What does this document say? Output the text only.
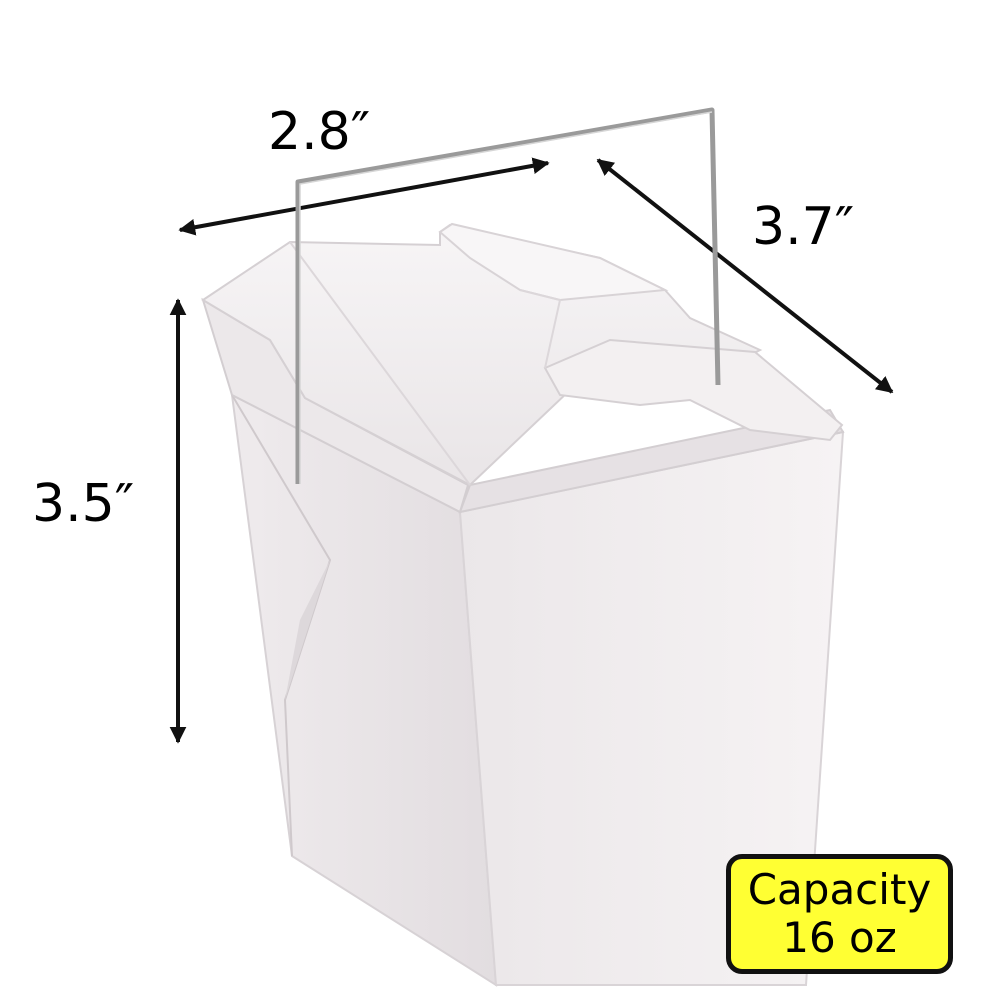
2.8″
3.7″
3.5″
Capacity
16 oz
